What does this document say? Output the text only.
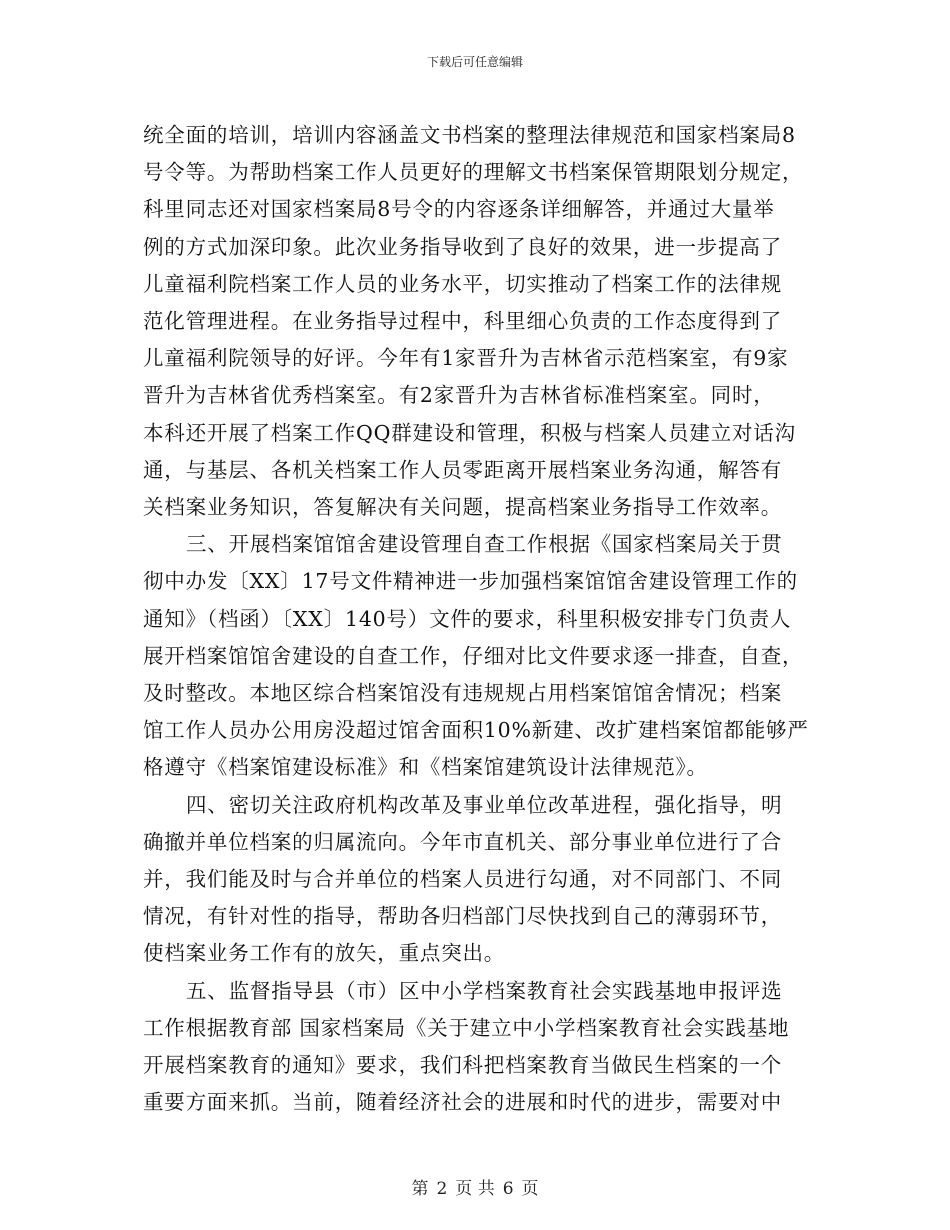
下载后可任意编辑

统全面的培训，培训内容涵盖文书档案的整理法律规范和国家档案局8

号令等。为帮助档案工作人员更好的理解文书档案保管期限划分规定，

科里同志还对国家档案局8号令的内容逐条详细解答，并通过大量举

例的方式加深印象。此次业务指导收到了良好的效果，进一步提高了

儿童福利院档案工作人员的业务水平，切实推动了档案工作的法律规

范化管理进程。在业务指导过程中，科里细心负责的工作态度得到了

儿童福利院领导的好评。今年有1家晋升为吉林省示范档案室，有9家

晋升为吉林省优秀档案室。有2家晋升为吉林省标准档案室。同时，

本科还开展了档案工作QQ群建设和管理，积极与档案人员建立对话沟

通，与基层、各机关档案工作人员零距离开展档案业务沟通，解答有

关档案业务知识，答复解决有关问题，提高档案业务指导工作效率。

三、开展档案馆馆舍建设管理自查工作根据《国家档案局关于贯

彻中办发〔XX〕17号文件精神进一步加强档案馆馆舍建设管理工作的

通知》（档函）〔XX〕140号）文件的要求，科里积极安排专门负责人

展开档案馆馆舍建设的自查工作，仔细对比文件要求逐一排查，自查，

及时整改。本地区综合档案馆没有违规规占用档案馆馆舍情况；档案

馆工作人员办公用房没超过馆舍面积10%新建、改扩建档案馆都能够严

格遵守《档案馆建设标准》和《档案馆建筑设计法律规范》。

四、密切关注政府机构改革及事业单位改革进程，强化指导，明

确撤并单位档案的归属流向。今年市直机关、部分事业单位进行了合

并，我们能及时与合并单位的档案人员进行勾通，对不同部门、不同

情况，有针对性的指导，帮助各归档部门尽快找到自己的薄弱环节，

使档案业务工作有的放矢，重点突出。

五、监督指导县（市）区中小学档案教育社会实践基地申报评选

工作根据教育部 国家档案局《关于建立中小学档案教育社会实践基地

开展档案教育的通知》要求，我们科把档案教育当做民生档案的一个

重要方面来抓。当前，随着经济社会的进展和时代的进步，需要对中

第 2 页 共 6 页
